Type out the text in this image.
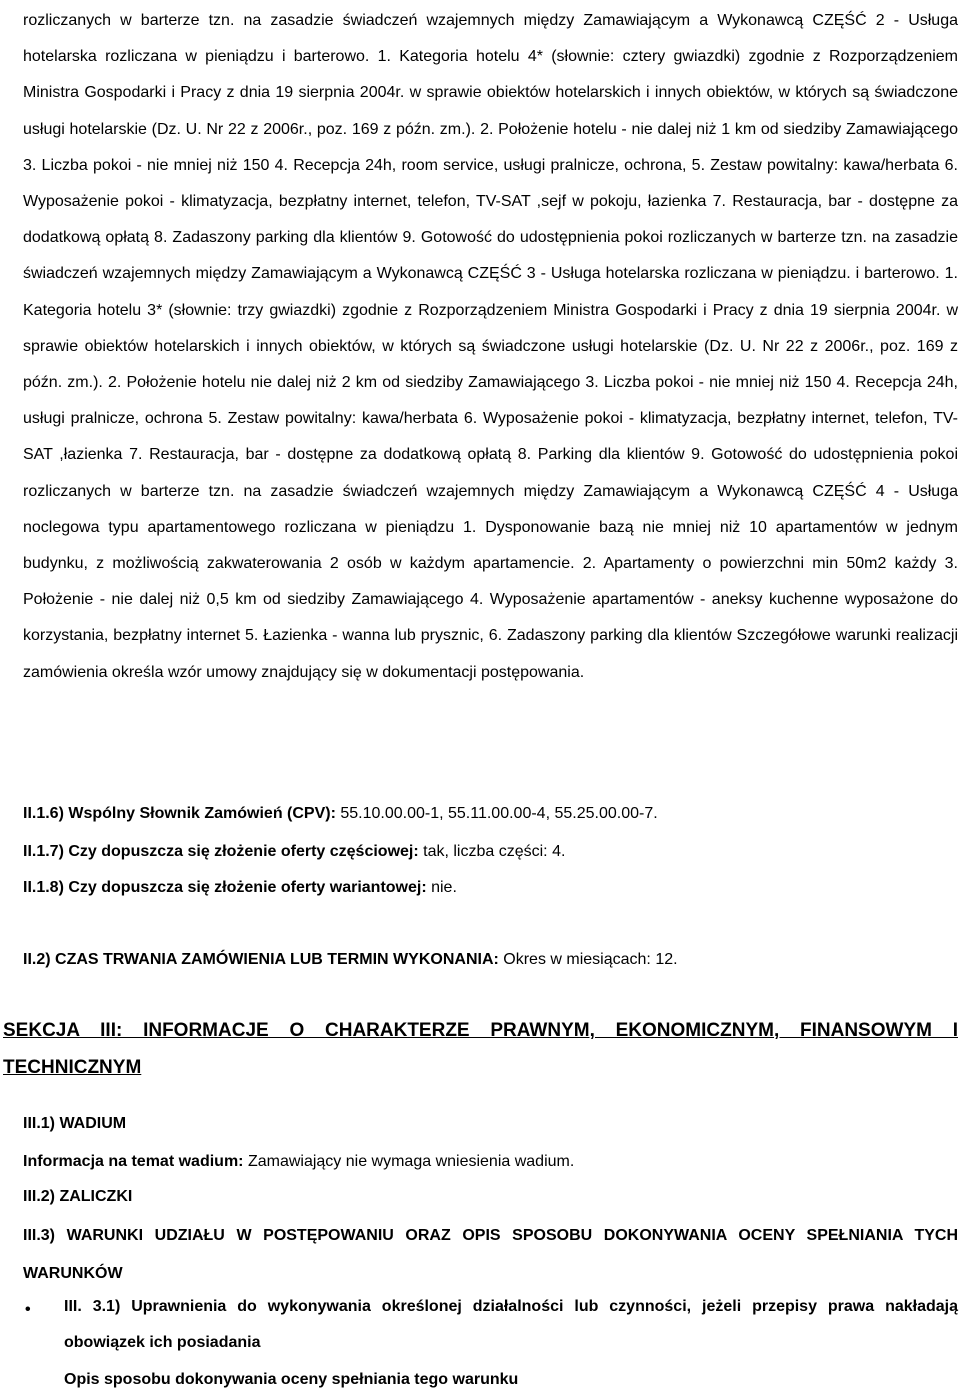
rozliczanych w barterze tzn. na zasadzie świadczeń wzajemnych między Zamawiającym a Wykonawcą CZĘŚĆ 2 - Usługa hotelarska rozliczana w pieniądzu i barterowo. 1. Kategoria hotelu 4* (słownie: cztery gwiazdki) zgodnie z Rozporządzeniem Ministra Gospodarki i Pracy z dnia 19 sierpnia 2004r. w sprawie obiektów hotelarskich i innych obiektów, w których są świadczone usługi hotelarskie (Dz. U. Nr 22 z 2006r., poz. 169 z późn. zm.). 2. Położenie hotelu - nie dalej niż 1 km od siedziby Zamawiającego 3. Liczba pokoi - nie mniej niż 150 4. Recepcja 24h, room service, usługi pralnicze, ochrona, 5. Zestaw powitalny: kawa/herbata 6. Wyposażenie pokoi - klimatyzacja, bezpłatny internet, telefon, TV-SAT ,sejf w pokoju, łazienka 7. Restauracja, bar - dostępne za dodatkową opłatą 8. Zadaszony parking dla klientów 9. Gotowość do udostępnienia pokoi rozliczanych w barterze tzn. na zasadzie świadczeń wzajemnych między Zamawiającym a Wykonawcą CZĘŚĆ 3 - Usługa hotelarska rozliczana w pieniądzu. i barterowo. 1. Kategoria hotelu 3* (słownie: trzy gwiazdki) zgodnie z Rozporządzeniem Ministra Gospodarki i Pracy z dnia 19 sierpnia 2004r. w sprawie obiektów hotelarskich i innych obiektów, w których są świadczone usługi hotelarskie (Dz. U. Nr 22 z 2006r., poz. 169 z późn. zm.). 2. Położenie hotelu nie dalej niż 2 km od siedziby Zamawiającego 3. Liczba pokoi - nie mniej niż 150 4. Recepcja 24h, usługi pralnicze, ochrona 5. Zestaw powitalny: kawa/herbata 6. Wyposażenie pokoi - klimatyzacja, bezpłatny internet, telefon, TV-SAT ,łazienka 7. Restauracja, bar - dostępne za dodatkową opłatą 8. Parking dla klientów 9. Gotowość do udostępnienia pokoi rozliczanych w barterze tzn. na zasadzie świadczeń wzajemnych między Zamawiającym a Wykonawcą CZĘŚĆ 4 - Usługa noclegowa typu apartamentowego rozliczana w pieniądzu 1. Dysponowanie bazą nie mniej niż 10 apartamentów w jednym budynku, z możliwością zakwaterowania 2 osób w każdym apartamencie. 2. Apartamenty o powierzchni min 50m2 każdy 3. Położenie - nie dalej niż 0,5 km od siedziby Zamawiającego 4. Wyposażenie apartamentów - aneksy kuchenne wyposażone do korzystania, bezpłatny internet 5. Łazienka - wanna lub prysznic, 6. Zadaszony parking dla klientów Szczegółowe warunki realizacji zamówienia określa wzór umowy znajdujący się w dokumentacji postępowania.

II.1.6) Wspólny Słownik Zamówień (CPV): 55.10.00.00-1, 55.11.00.00-4, 55.25.00.00-7.

II.1.7) Czy dopuszcza się złożenie oferty częściowej: tak, liczba części: 4.

II.1.8) Czy dopuszcza się złożenie oferty wariantowej: nie.

II.2) CZAS TRWANIA ZAMÓWIENIA LUB TERMIN WYKONANIA: Okres w miesiącach: 12.

SEKCJA III: INFORMACJE O CHARAKTERZE PRAWNYM, EKONOMICZNYM, FINANSOWYM I TECHNICZNYM

III.1) WADIUM

Informacja na temat wadium: Zamawiający nie wymaga wniesienia wadium.

III.2) ZALICZKI

III.3) WARUNKI UDZIAŁU W POSTĘPOWANIU ORAZ OPIS SPOSOBU DOKONYWANIA OCENY SPEŁNIANIA TYCH WARUNKÓW

• III. 3.1) Uprawnienia do wykonywania określonej działalności lub czynności, jeżeli przepisy prawa nakładają obowiązek ich posiadania

Opis sposobu dokonywania oceny spełniania tego warunku
